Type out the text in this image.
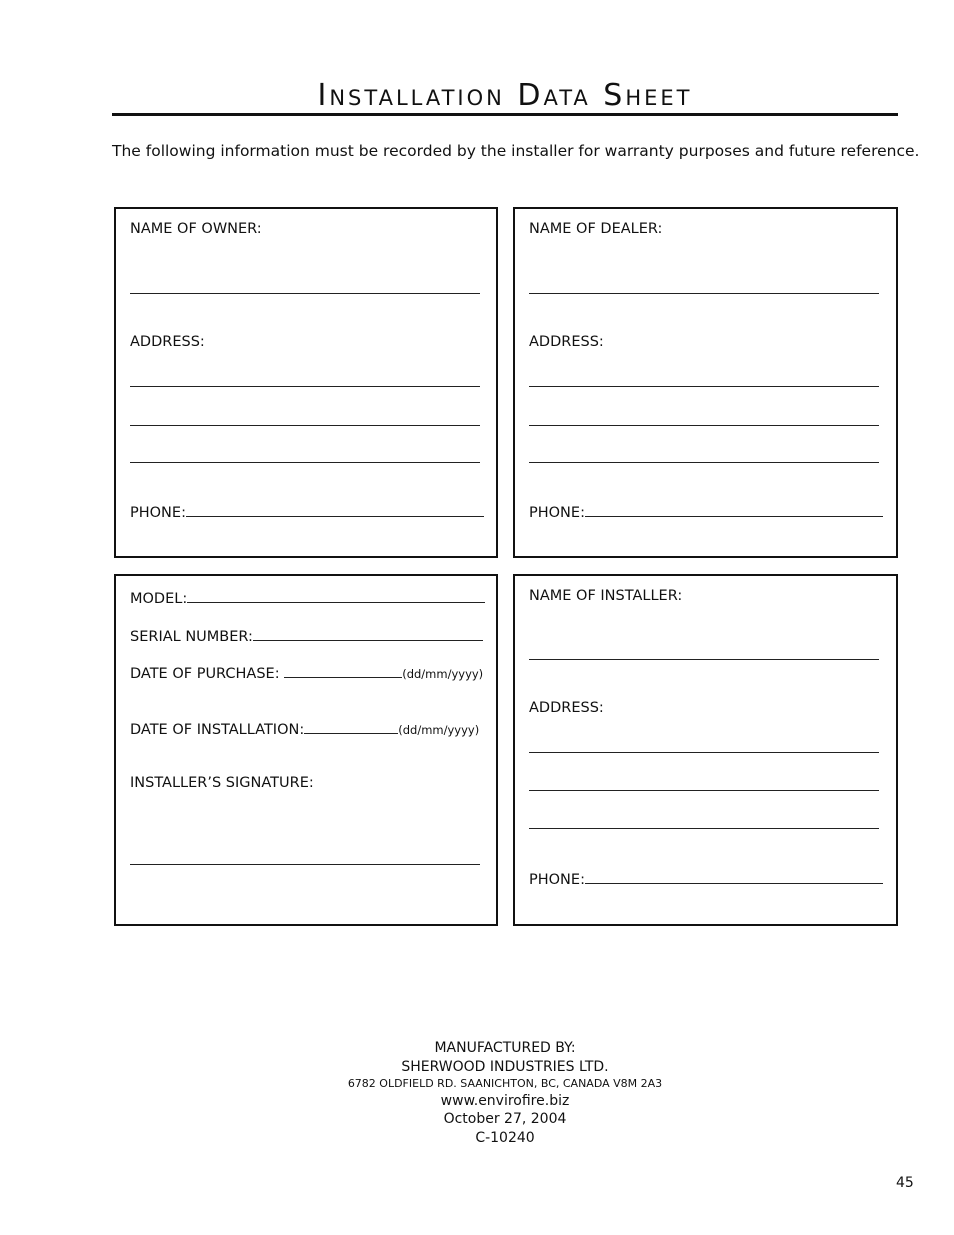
Installation Data Sheet
The following information must be recorded by the installer for warranty purposes and future reference.
NAME OF OWNER:
ADDRESS:
PHONE:
NAME OF DEALER:
ADDRESS:
PHONE:
MODEL:
SERIAL NUMBER:
DATE OF PURCHASE:	(dd/mm/yyyy)
DATE OF INSTALLATION:	(dd/mm/yyyy)
INSTALLER’S SIGNATURE:
NAME OF INSTALLER:
ADDRESS:
PHONE:
MANUFACTURED BY:
SHERWOOD INDUSTRIES LTD.
6782 OLDFIELD RD. SAANICHTON, BC, CANADA V8M 2A3
www.envirofire.biz
October 27, 2004
C-10240
45
